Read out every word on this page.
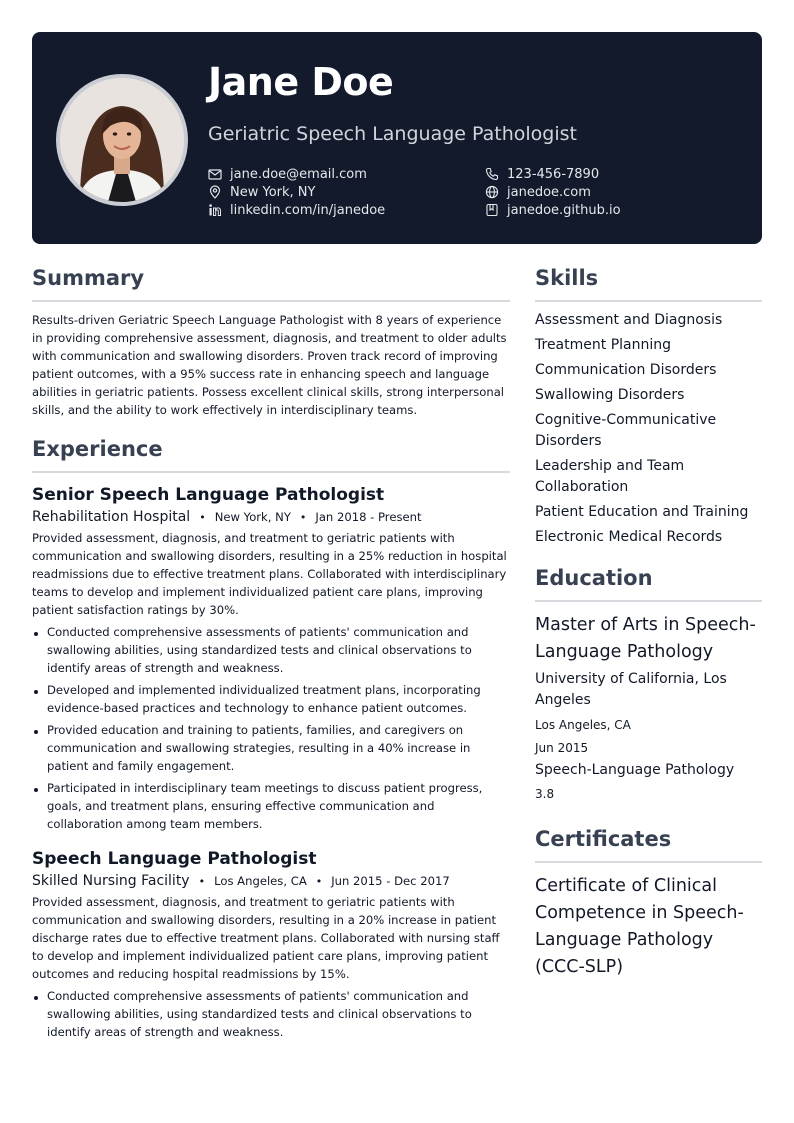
Jane Doe
Geriatric Speech Language Pathologist
jane.doe@email.com	123-456-7890
New York, NY	janedoe.com
linkedin.com/in/janedoe	janedoe.github.io
Summary

Results-driven Geriatric Speech Language Pathologist with 8 years of experience in providing comprehensive assessment, diagnosis, and treatment to older adults with communication and swallowing disorders. Proven track record of improving patient outcomes, with a 95% success rate in enhancing speech and language abilities in geriatric patients. Possess excellent clinical skills, strong interpersonal skills, and the ability to work effectively in interdisciplinary teams.

Experience
Senior Speech Language Pathologist
Rehabilitation Hospital • New York, NY • Jan 2018 - Present

Provided assessment, diagnosis, and treatment to geriatric patients with communication and swallowing disorders, resulting in a 25% reduction in hospital readmissions due to effective treatment plans. Collaborated with interdisciplinary teams to develop and implement individualized patient care plans, improving patient satisfaction ratings by 30%.

Conducted comprehensive assessments of patients' communication and swallowing abilities, using standardized tests and clinical observations to identify areas of strength and weakness.
Developed and implemented individualized treatment plans, incorporating evidence-based practices and technology to enhance patient outcomes.
Provided education and training to patients, families, and caregivers on communication and swallowing strategies, resulting in a 40% increase in patient and family engagement.
Participated in interdisciplinary team meetings to discuss patient progress, goals, and treatment plans, ensuring effective communication and collaboration among team members.
Speech Language Pathologist
Skilled Nursing Facility • Los Angeles, CA • Jun 2015 - Dec 2017

Provided assessment, diagnosis, and treatment to geriatric patients with communication and swallowing disorders, resulting in a 20% increase in patient discharge rates due to effective treatment plans. Collaborated with nursing staff to develop and implement individualized patient care plans, improving patient outcomes and reducing hospital readmissions by 15%.

Conducted comprehensive assessments of patients' communication and swallowing abilities, using standardized tests and clinical observations to identify areas of strength and weakness.
Skills
Assessment and Diagnosis
Treatment Planning
Communication Disorders
Swallowing Disorders
Cognitive-Communicative Disorders
Leadership and Team Collaboration
Patient Education and Training
Electronic Medical Records
Education
Master of Arts in Speech-Language Pathology
University of California, Los Angeles
Los Angeles, CA
Jun 2015
Speech-Language Pathology
3.8
Certificates
Certificate of Clinical Competence in Speech-Language Pathology (CCC-SLP)
